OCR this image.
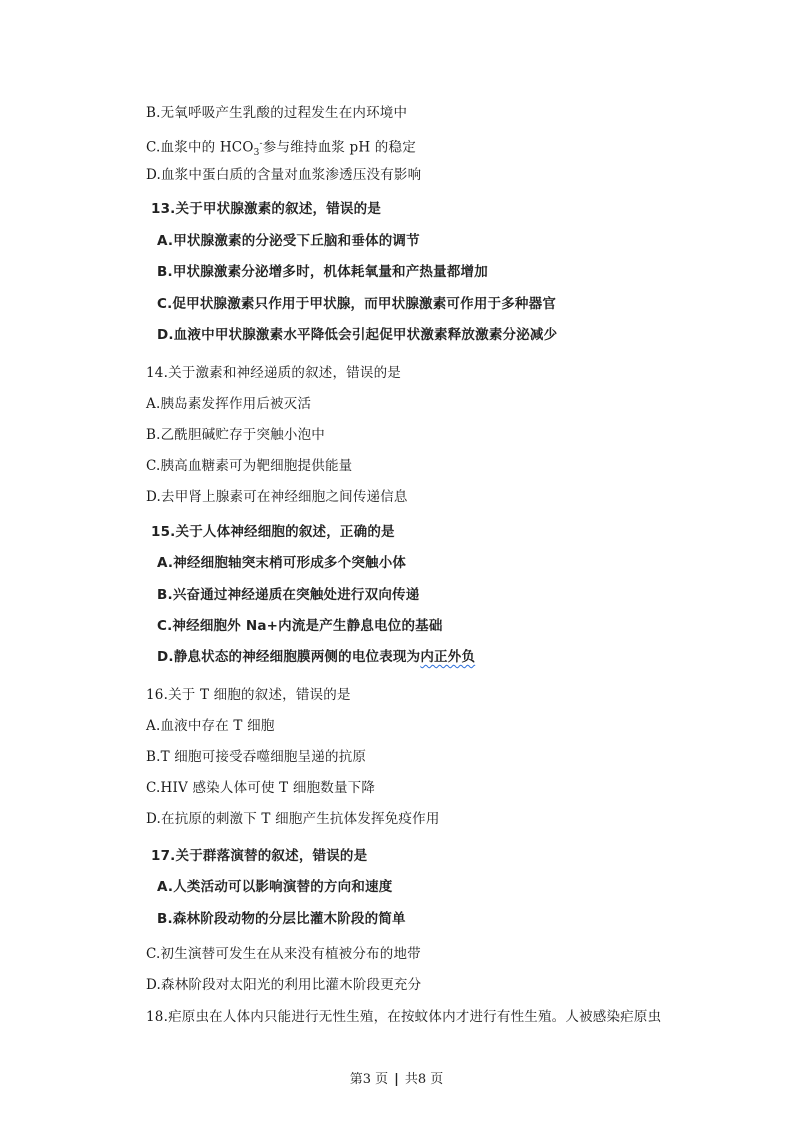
B.无氧呼吸产生乳酸的过程发生在内环境中
C.血浆中的 $HCO_3^-$参与维持血浆 pH 的稳定
D.血浆中蛋白质的含量对血浆渗透压没有影响
13.关于甲状腺激素的叙述，错误的是
A.甲状腺激素的分泌受下丘脑和垂体的调节
B.甲状腺激素分泌增多时，机体耗氧量和产热量都增加
C.促甲状腺激素只作用于甲状腺，而甲状腺激素可作用于多种器官
D.血液中甲状腺激素水平降低会引起促甲状激素释放激素分泌减少
14.关于激素和神经递质的叙述，错误的是
A.胰岛素发挥作用后被灭活
B.乙酰胆碱贮存于突触小泡中
C.胰高血糖素可为靶细胞提供能量
D.去甲肾上腺素可在神经细胞之间传递信息
15.关于人体神经细胞的叙述，正确的是
A.神经细胞轴突末梢可形成多个突触小体
B.兴奋通过神经递质在突触处进行双向传递
C.神经细胞外 Na+内流是产生静息电位的基础
D.静息状态的神经细胞膜两侧的电位表现为内正外负
16.关于 T 细胞的叙述，错误的是
A.血液中存在 T 细胞
B.T 细胞可接受吞噬细胞呈递的抗原
C.HIV 感染人体可使 T 细胞数量下降
D.在抗原的刺激下 T 细胞产生抗体发挥免疫作用
17.关于群落演替的叙述，错误的是
A.人类活动可以影响演替的方向和速度
B.森林阶段动物的分层比灌木阶段的简单
C.初生演替可发生在从来没有植被分布的地带
D.森林阶段对太阳光的利用比灌木阶段更充分
18.疟原虫在人体内只能进行无性生殖，在按蚊体内才进行有性生殖。人被感染疟原虫
第3 页 | 共8 页
